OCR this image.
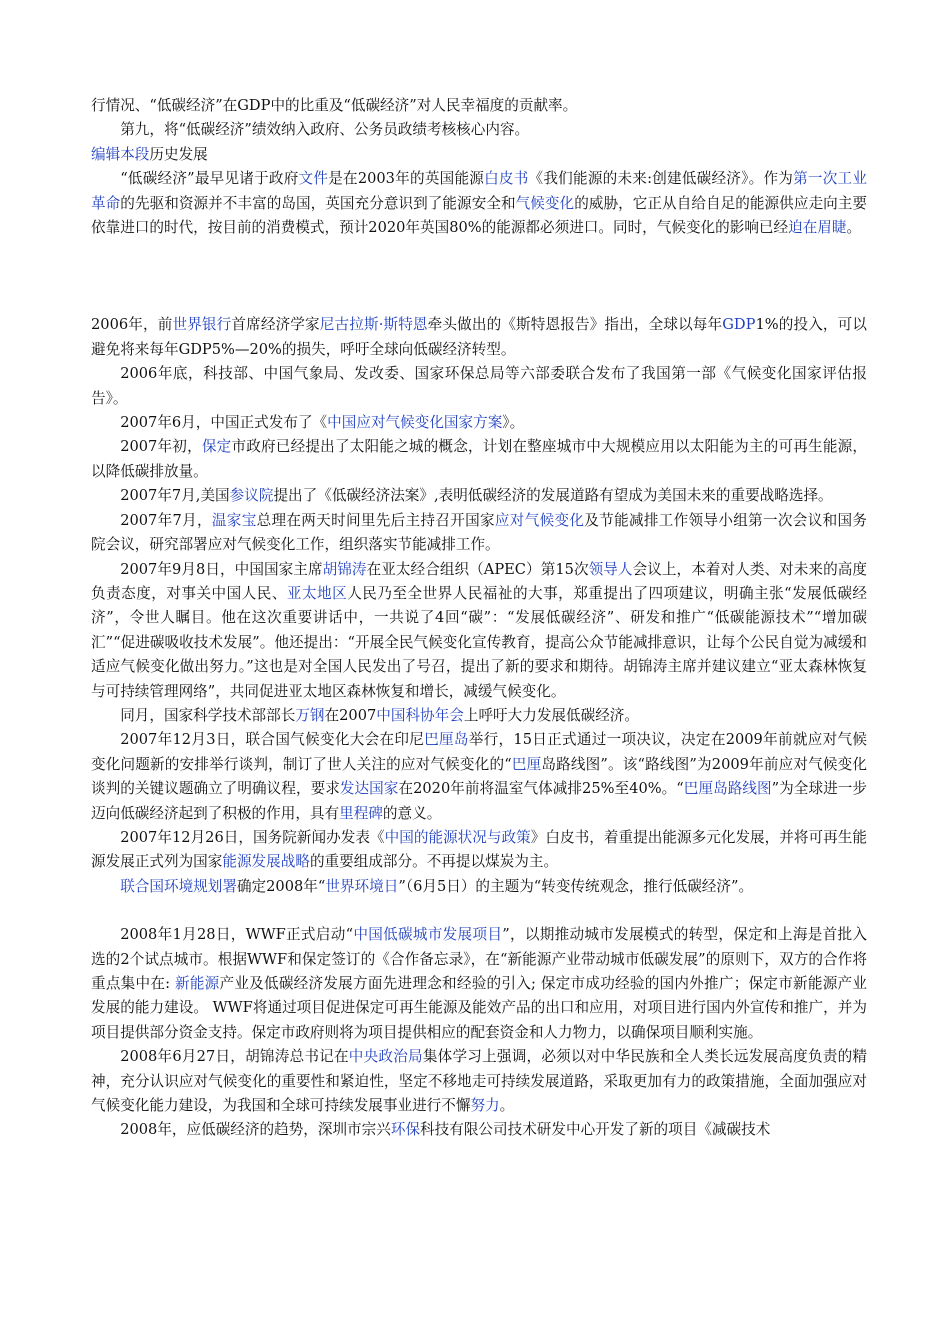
行情况、“低碳经济”在GDP中的比重及“低碳经济”对人民幸福度的贡献率。

第九，将“低碳经济”绩效纳入政府、公务员政绩考核核心内容。

编辑本段历史发展

“低碳经济”最早见诸于政府文件是在2003年的英国能源白皮书《我们能源的未来:创建低碳经济》。作为第一次工业革命的先驱和资源并不丰富的岛国，英国充分意识到了能源安全和气候变化的威胁，它正从自给自足的能源供应走向主要依靠进口的时代，按目前的消费模式，预计2020年英国80%的能源都必须进口。同时，气候变化的影响已经迫在眉睫。

2006年，前世界银行首席经济学家尼古拉斯·斯特恩牵头做出的《斯特恩报告》指出，全球以每年GDP1%的投入，可以避免将来每年GDP5%—20%的损失，呼吁全球向低碳经济转型。

2006年底，科技部、中国气象局、发改委、国家环保总局等六部委联合发布了我国第一部《气候变化国家评估报告》。

2007年6月，中国正式发布了《中国应对气候变化国家方案》。

2007年初，保定市政府已经提出了太阳能之城的概念，计划在整座城市中大规模应用以太阳能为主的可再生能源，以降低碳排放量。

2007年7月,美国参议院提出了《低碳经济法案》,表明低碳经济的发展道路有望成为美国未来的重要战略选择。

2007年7月，温家宝总理在两天时间里先后主持召开国家应对气候变化及节能减排工作领导小组第一次会议和国务院会议，研究部署应对气候变化工作，组织落实节能减排工作。

2007年9月8日，中国国家主席胡锦涛在亚太经合组织（APEC）第15次领导人会议上，本着对人类、对未来的高度负责态度，对事关中国人民、亚太地区人民乃至全世界人民福祉的大事，郑重提出了四项建议，明确主张“发展低碳经济”，令世人瞩目。他在这次重要讲话中，一共说了4回“碳”：“发展低碳经济”、研发和推广“低碳能源技术”“增加碳汇”“促进碳吸收技术发展”。他还提出：“开展全民气候变化宣传教育，提高公众节能减排意识，让每个公民自觉为减缓和适应气候变化做出努力。”这也是对全国人民发出了号召，提出了新的要求和期待。胡锦涛主席并建议建立“亚太森林恢复与可持续管理网络”，共同促进亚太地区森林恢复和增长，减缓气候变化。

同月，国家科学技术部部长万钢在2007中国科协年会上呼吁大力发展低碳经济。

2007年12月3日，联合国气候变化大会在印尼巴厘岛举行，15日正式通过一项决议，决定在2009年前就应对气候变化问题新的安排举行谈判，制订了世人关注的应对气候变化的“巴厘岛路线图”。该“路线图”为2009年前应对气候变化谈判的关键议题确立了明确议程，要求发达国家在2020年前将温室气体减排25%至40%。“巴厘岛路线图”为全球进一步迈向低碳经济起到了积极的作用，具有里程碑的意义。

2007年12月26日，国务院新闻办发表《中国的能源状况与政策》白皮书，着重提出能源多元化发展，并将可再生能源发展正式列为国家能源发展战略的重要组成部分。不再提以煤炭为主。

联合国环境规划署确定2008年“世界环境日”（6月5日）的主题为“转变传统观念，推行低碳经济”。

2008年1月28日，WWF正式启动“中国低碳城市发展项目”，以期推动城市发展模式的转型，保定和上海是首批入选的2个试点城市。根据WWF和保定签订的《合作备忘录》，在“新能源产业带动城市低碳发展”的原则下，双方的合作将重点集中在: 新能源产业及低碳经济发展方面先进理念和经验的引入; 保定市成功经验的国内外推广；保定市新能源产业发展的能力建设。 WWF将通过项目促进保定可再生能源及能效产品的出口和应用，对项目进行国内外宣传和推广，并为项目提供部分资金支持。保定市政府则将为项目提供相应的配套资金和人力物力，以确保项目顺利实施。

2008年6月27日，胡锦涛总书记在中央政治局集体学习上强调，必须以对中华民族和全人类长远发展高度负责的精神，充分认识应对气候变化的重要性和紧迫性，坚定不移地走可持续发展道路，采取更加有力的政策措施，全面加强应对气候变化能力建设，为我国和全球可持续发展事业进行不懈努力。

2008年，应低碳经济的趋势，深圳市宗兴环保科技有限公司技术研发中心开发了新的项目《减碳技术
